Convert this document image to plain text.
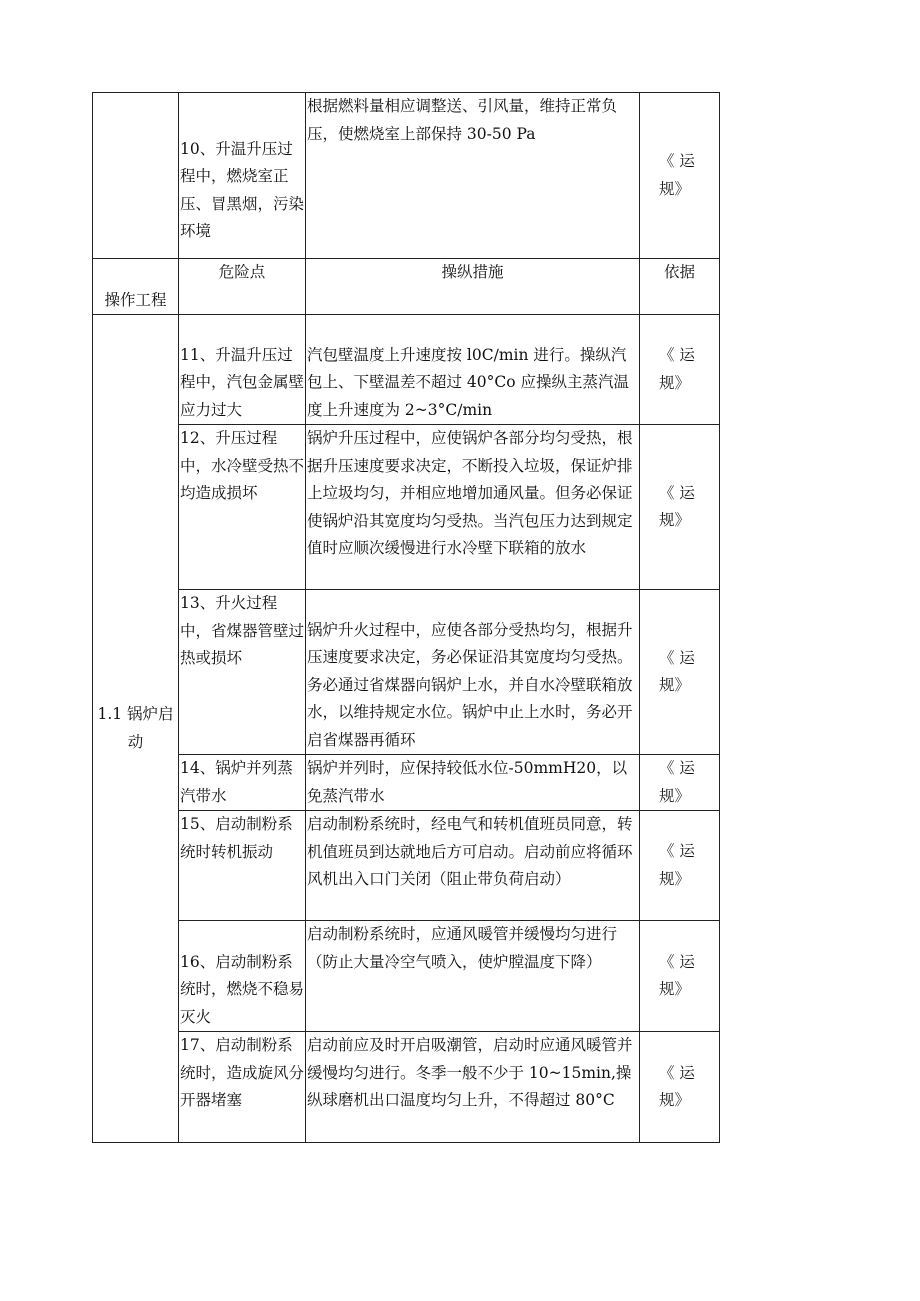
	10、升温升压过程中，燃烧室正压、冒黑烟，污染环境	根据燃料量相应调整送、引风量，维持正常负压，使燃烧室上部保持 30-50 Pa	《 运规》
操作工程	危险点	操纵措施	依据
1.1 锅炉启动	11、升温升压过程中，汽包金属壁应力过大	汽包壁温度上升速度按 l0C∕min 进行。操纵汽包上、下壁温差不超过 40°Co 应操纵主蒸汽温度上升速度为 2~3°C∕min	《 运规》

	12、升压过程中，水冷壁受热不均造成损坏	锅炉升压过程中，应使锅炉各部分均匀受热，根据升压速度要求决定，不断投入垃圾，保证炉排上垃圾均匀，并相应地增加通风量。但务必保证使锅炉沿其宽度均匀受热。当汽包压力达到规定值时应顺次缓慢进行水冷壁下联箱的放水	《 运规》

	13、升火过程中，省煤器管壁过热或损坏	锅炉升火过程中，应使各部分受热均匀，根据升压速度要求决定，务必保证沿其宽度均匀受热。务必通过省煤器向锅炉上水，并自水冷壁联箱放水，以维持规定水位。锅炉中止上水时，务必开启省煤器再循环	《 运规》

	14、锅炉并列蒸汽带水	锅炉并列时，应保持较低水位-50mmH20，以免蒸汽带水	《 运规》

	15、启动制粉系统时转机振动	启动制粉系统时，经电气和转机值班员同意，转机值班员到达就地后方可启动。启动前应将循环风机出入口门关闭（阻止带负荷启动）	《 运规》

	16、启动制粉系统时，燃烧不稳易灭火	启动制粉系统时，应通风暖管并缓慢均匀进行（防止大量冷空气喷入，使炉膛温度下降）	《 运规》

	17、启动制粉系统时，造成旋风分开器堵塞	启动前应及时开启吸潮管，启动时应通风暖管并缓慢均匀进行。冬季一般不少于 10~15min,操纵球磨机出口温度均匀上升，不得超过 80°C	《 运规》
